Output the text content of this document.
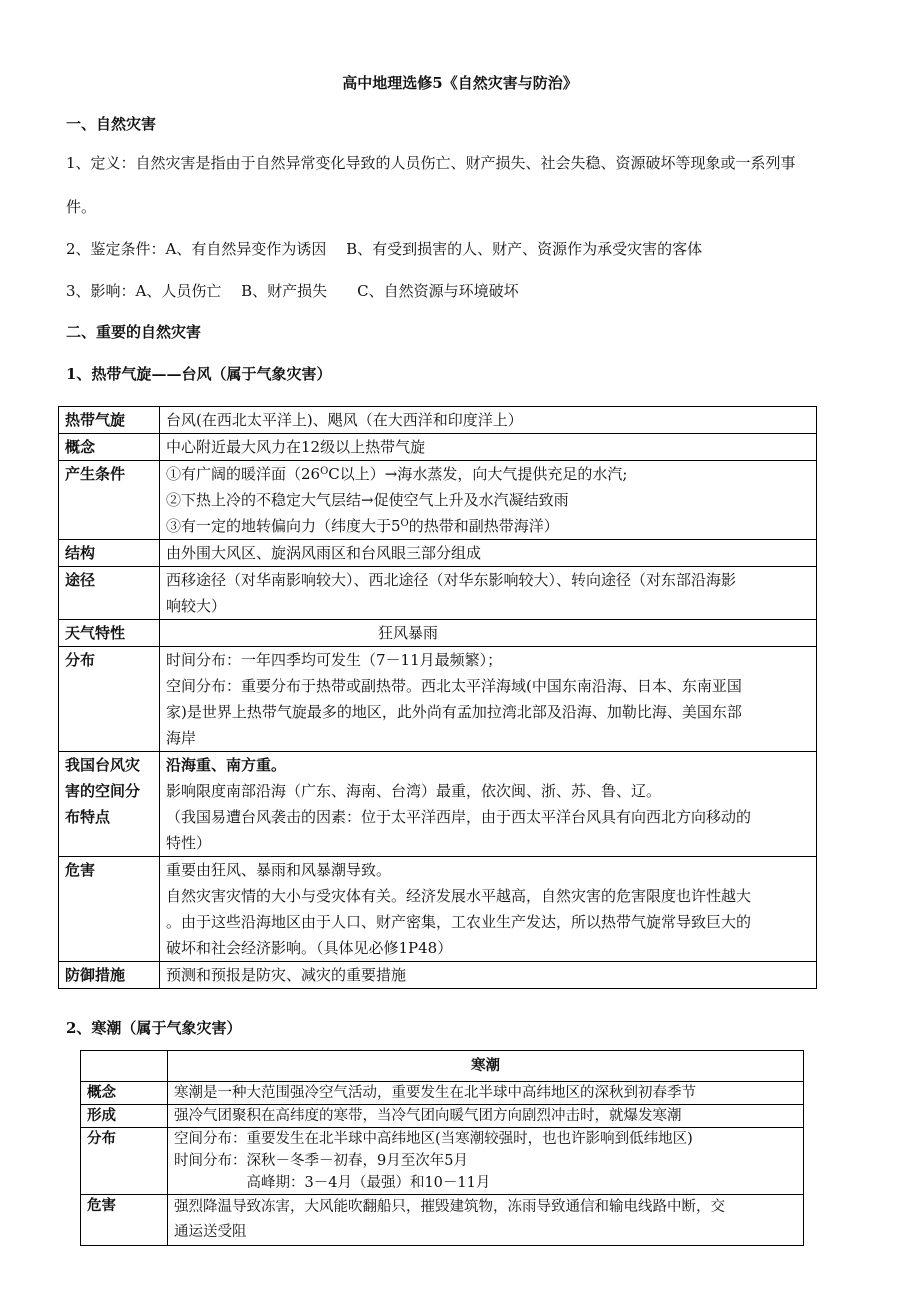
高中地理选修5《自然灾害与防治》
一、自然灾害
1、定义：自然灾害是指由于自然异常变化导致的人员伤亡、财产损失、社会失稳、资源破坏等现象或一系列事
件。
2、鉴定条件：A、有自然异变作为诱因　 B、有受到损害的人、财产、资源作为承受灾害的客体
3、影响：A、人员伤亡　 B、财产损失　　C、自然资源与环境破坏
二、重要的自然灾害
1、热带气旋——台风（属于气象灾害）
热带气旋	台风(在西北太平洋上)、飓风（在大西洋和印度洋上）
概念	中心附近最大风力在12级以上热带气旋
产生条件	①有广阔的暖洋面（$26^OC$以上）→海水蒸发，向大气提供充足的水汽;
②下热上冷的不稳定大气层结→促使空气上升及水汽凝结致雨
③有一定的地转偏向力（纬度大于$5^O$的热带和副热带海洋）

结构	由外围大风区、旋涡风雨区和台风眼三部分组成
途径	西移途径（对华南影响较大）、西北途径（对华东影响较大）、转向途径（对东部沿海影
响较大）

天气特性	狂风暴雨
分布	时间分布：一年四季均可发生（7－11月最频繁）；
空间分布：重要分布于热带或副热带。西北太平洋海域(中国东南沿海、日本、东南亚国
家)是世界上热带气旋最多的地区，此外尚有孟加拉湾北部及沿海、加勒比海、美国东部
海岸

我国台风灾
害的空间分
布特点	沿海重、南方重。
影响限度南部沿海（广东、海南、台湾）最重，依次闽、浙、苏、鲁、辽。
（我国易遭台风袭击的因素：位于太平洋西岸，由于西太平洋台风具有向西北方向移动的
特性）

危害	重要由狂风、暴雨和风暴潮导致。
自然灾害灾情的大小与受灾体有关。经济发展水平越高，自然灾害的危害限度也许性越大
。由于这些沿海地区由于人口、财产密集，工农业生产发达，所以热带气旋常导致巨大的
破坏和社会经济影响。（具体见必修1P48）

防御措施	预测和预报是防灾、减灾的重要措施
2、寒潮（属于气象灾害）
	寒潮
概念	寒潮是一种大范围强冷空气活动，重要发生在北半球中高纬地区的深秋到初春季节
形成	强冷气团聚积在高纬度的寒带，当冷气团向暖气团方向剧烈冲击时，就爆发寒潮
分布	空间分布：重要发生在北半球中高纬地区(当寒潮较强时，也也许影响到低纬地区)
时间分布：深秋－冬季－初春，9月至次年5月
　　　　　高峰期：3－4月（最强）和10－11月

危害	强烈降温导致冻害，大风能吹翻船只，摧毁建筑物，冻雨导致通信和输电线路中断，交
通运送受阻
